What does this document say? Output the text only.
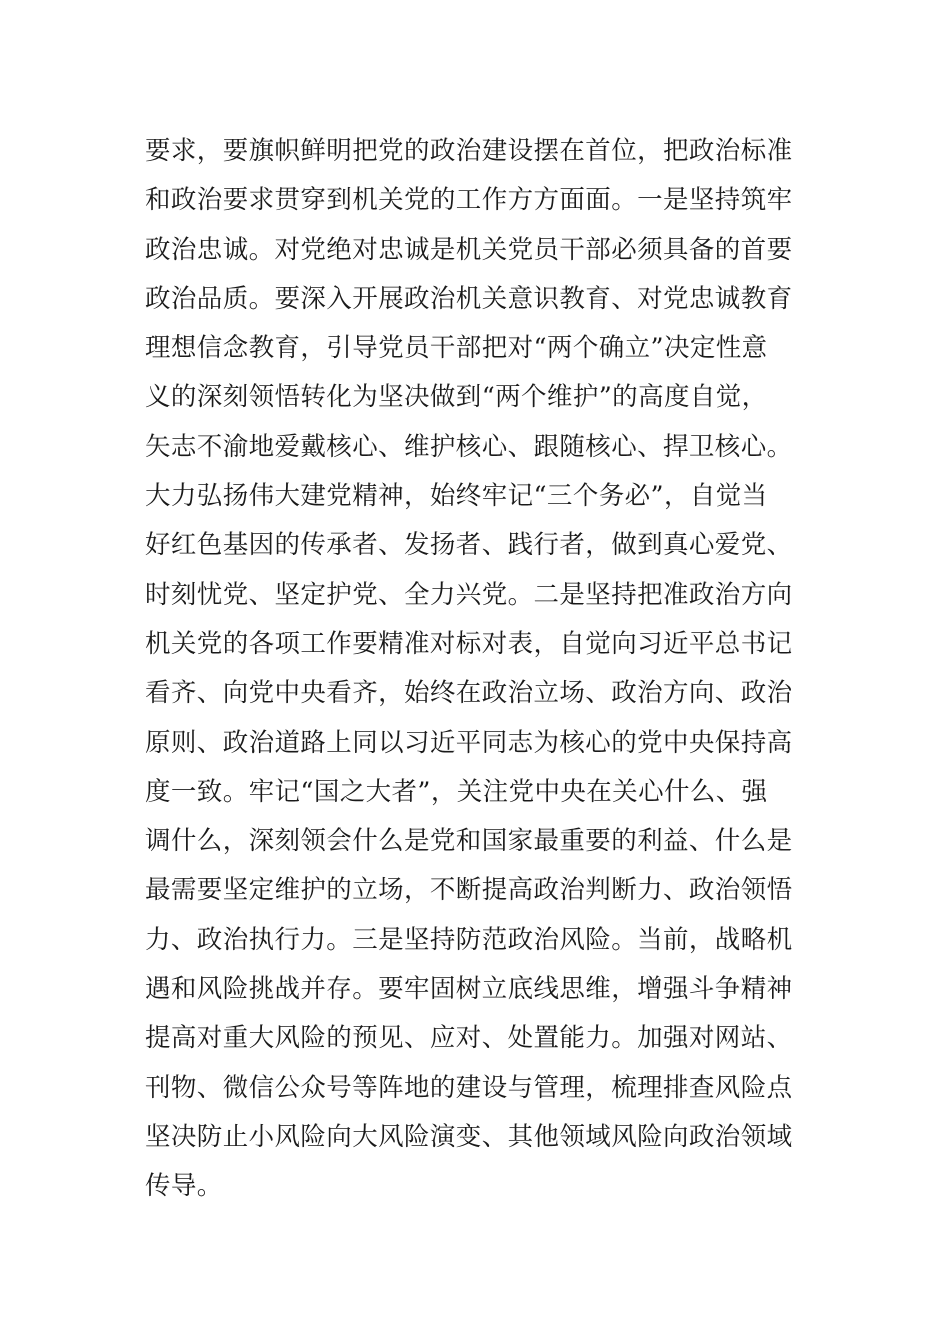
要求，要旗帜鲜明把党的政治建设摆在首位，把政治标准
和政治要求贯穿到机关党的工作方方面面。一是坚持筑牢
政治忠诚。对党绝对忠诚是机关党员干部必须具备的首要
政治品质。要深入开展政治机关意识教育、对党忠诚教育
理想信念教育，引导党员干部把对“两个确立”决定性意
义的深刻领悟转化为坚决做到“两个维护”的高度自觉，
矢志不渝地爱戴核心、维护核心、跟随核心、捍卫核心。
大力弘扬伟大建党精神，始终牢记“三个务必”，自觉当
好红色基因的传承者、发扬者、践行者，做到真心爱党、
时刻忧党、坚定护党、全力兴党。二是坚持把准政治方向
机关党的各项工作要精准对标对表，自觉向习近平总书记
看齐、向党中央看齐，始终在政治立场、政治方向、政治
原则、政治道路上同以习近平同志为核心的党中央保持高
度一致。牢记“国之大者”，关注党中央在关心什么、强
调什么，深刻领会什么是党和国家最重要的利益、什么是
最需要坚定维护的立场，不断提高政治判断力、政治领悟
力、政治执行力。三是坚持防范政治风险。当前，战略机
遇和风险挑战并存。要牢固树立底线思维，增强斗争精神
提高对重大风险的预见、应对、处置能力。加强对网站、
刊物、微信公众号等阵地的建设与管理，梳理排查风险点
坚决防止小风险向大风险演变、其他领域风险向政治领域
传导。
